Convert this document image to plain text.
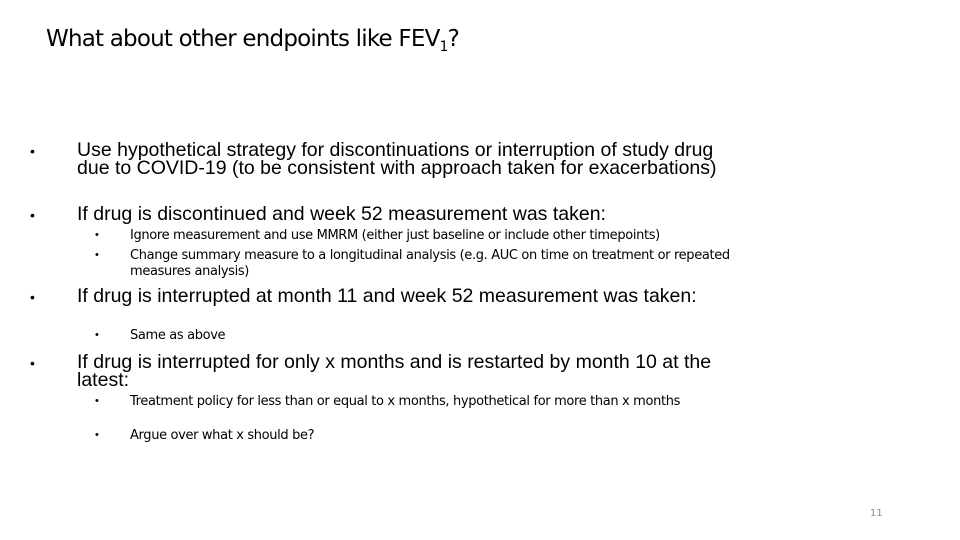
What about other endpoints like $FEV_1$?
• Use hypothetical strategy for discontinuations or interruption of study drug due to COVID-19 (to be consistent with approach taken for exacerbations)
• If drug is discontinued and week 52 measurement was taken:
• Ignore measurement and use MMRM (either just baseline or include other timepoints)
• Change summary measure to a longitudinal analysis (e.g. AUC on time on treatment or repeated measures analysis)
• If drug is interrupted at month 11 and week 52 measurement was taken:
• Same as above
• If drug is interrupted for only x months and is restarted by month 10 at the latest:
• Treatment policy for less than or equal to x months, hypothetical for more than x months
• Argue over what x should be?
11
